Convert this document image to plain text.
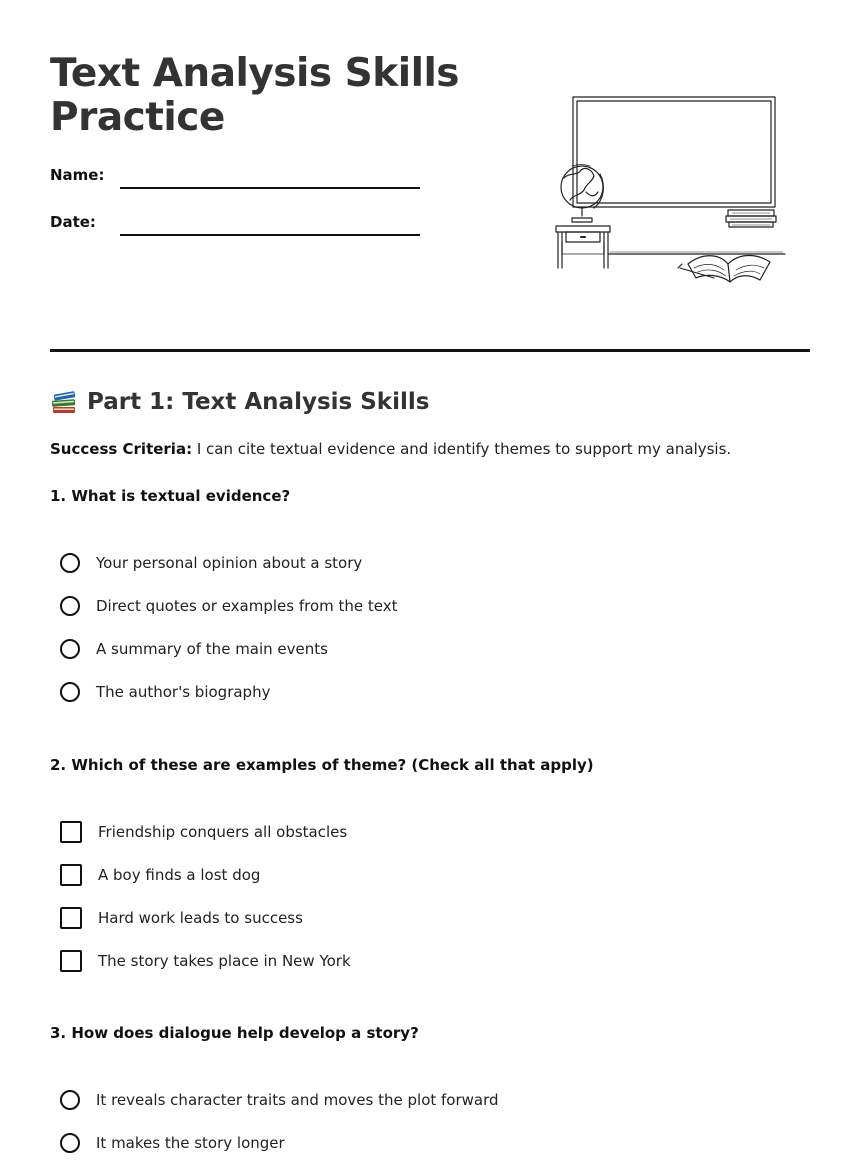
Text Analysis Skills Practice
Name:
Date:
Part 1: Text Analysis Skills
Success Criteria: I can cite textual evidence and identify themes to support my analysis.
1. What is textual evidence?
Your personal opinion about a story
Direct quotes or examples from the text
A summary of the main events
The author's biography
2. Which of these are examples of theme? (Check all that apply)
Friendship conquers all obstacles
A boy finds a lost dog
Hard work leads to success
The story takes place in New York
3. How does dialogue help develop a story?
It reveals character traits and moves the plot forward
It makes the story longer
